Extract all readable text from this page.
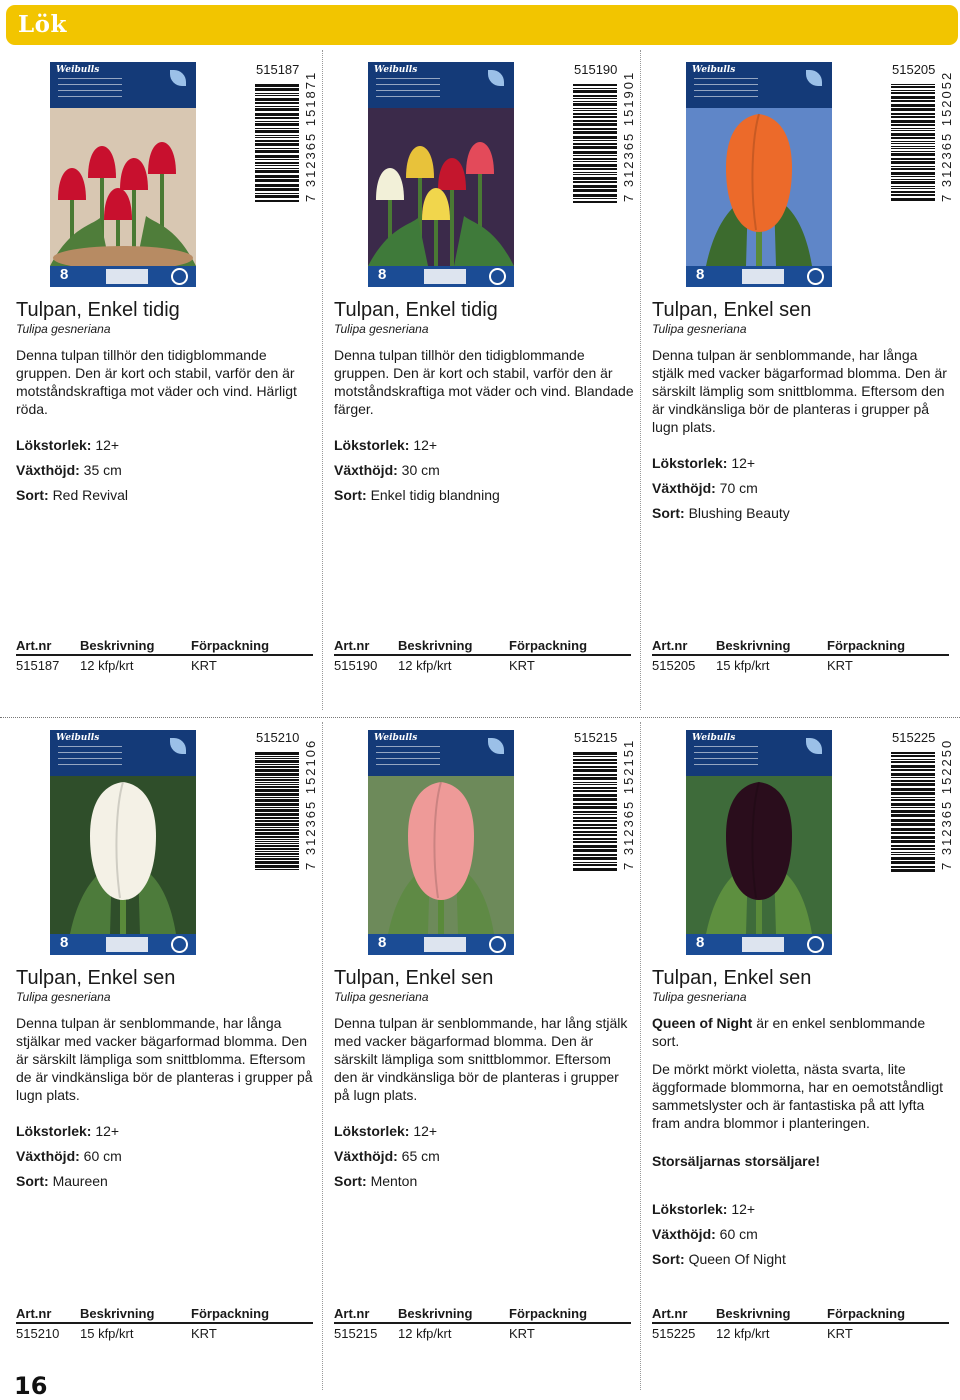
Lök
Weibulls
8
515187
7 312365 151871

Tulpan, Enkel tidig

Tulipa gesneriana

Denna tulpan tillhör den tidigblommande gruppen. Den är kort och stabil, varför den är motståndskraftiga mot väder och vind. Härligt röda.

Lökstorlek: 12+

Växthöjd: 35 cm

Sort: Red Revival

Art.nr Beskrivning	Förpackning
515187 12 kfp/krt	KRT
Weibulls
8
515190
7 312365 151901

Tulpan, Enkel tidig

Tulipa gesneriana

Denna tulpan tillhör den tidigblommande gruppen. Den är kort och stabil, varför den är motståndskraftiga mot väder och vind. Blandade färger.

Lökstorlek: 12+

Växthöjd: 30 cm

Sort: Enkel tidig blandning

Art.nr Beskrivning	Förpackning
515190 12 kfp/krt	KRT
Weibulls
8
515205
7 312365 152052

Tulpan, Enkel sen

Tulipa gesneriana

Denna tulpan är senblommande, har långa stjälk med vacker bägarformad blomma. Den är särskilt lämplig som snittblomma. Eftersom den är vindkänsliga bör de planteras i grupper på lugn plats.

Lökstorlek: 12+

Växthöjd: 70 cm

Sort: Blushing Beauty

Art.nr Beskrivning	Förpackning
515205 15 kfp/krt	KRT
Weibulls
8
515210
7 312365 152106

Tulpan, Enkel sen

Tulipa gesneriana

Denna tulpan är senblommande, har långa stjälkar med vacker bägarformad blomma. Den är särskilt lämpliga som snittblomma. Eftersom de är vindkänsliga bör de planteras i grupper på lugn plats.

Lökstorlek: 12+

Växthöjd: 60 cm

Sort: Maureen

Art.nr Beskrivning	Förpackning
515210 15 kfp/krt	KRT
Weibulls
8
515215
7 312365 152151

Tulpan, Enkel sen

Tulipa gesneriana

Denna tulpan är senblommande, har lång stjälk med vacker bägarformad blomma. Den är särskilt lämpliga som snittblommor. Eftersom den är vindkänsliga bör de planteras i grupper på lugn plats.

Lökstorlek: 12+

Växthöjd: 65 cm

Sort: Menton

Art.nr Beskrivning	Förpackning
515215 12 kfp/krt	KRT
Weibulls
8
515225
7 312365 152250

Tulpan, Enkel sen

Tulipa gesneriana

Queen of Night är en enkel senblommande sort.

De mörkt mörkt violetta, nästa svarta, lite äggformade blommorna, har en oemotståndligt sammetslyster och är fantastiska på att lyfta fram andra blommor i planteringen.

Storsäljarnas storsäljare!

Lökstorlek: 12+

Växthöjd: 60 cm

Sort: Queen Of Night

Art.nr Beskrivning	Förpackning
515225 12 kfp/krt	KRT
16
